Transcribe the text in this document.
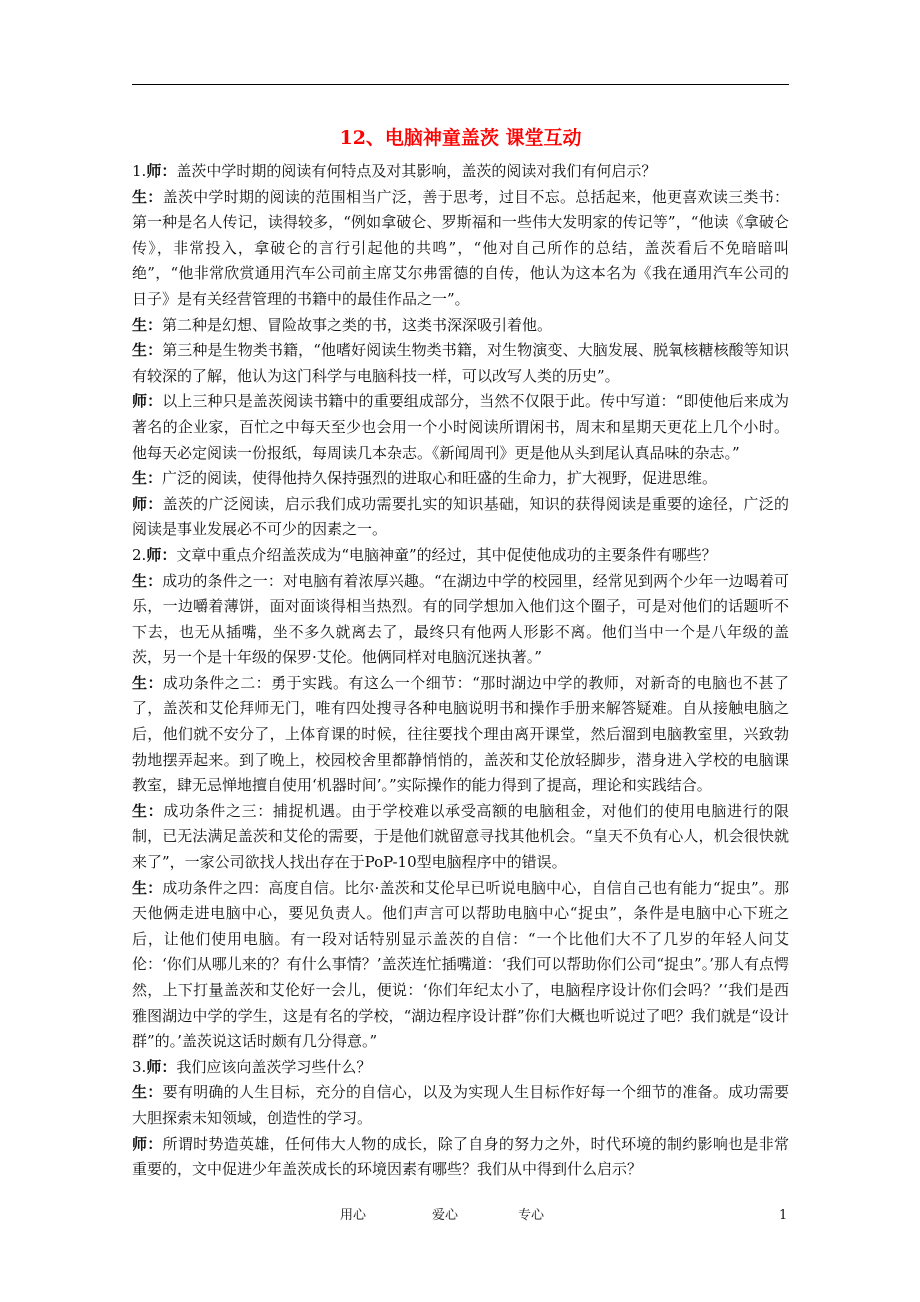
12、电脑神童盖茨 课堂互动

1.师：盖茨中学时期的阅读有何特点及对其影响，盖茨的阅读对我们有何启示？

生：盖茨中学时期的阅读的范围相当广泛，善于思考，过目不忘。总括起来，他更喜欢读三类书：第一种是名人传记，读得较多，“例如拿破仑、罗斯福和一些伟大发明家的传记等”，“他读《拿破仑传》，非常投入，拿破仑的言行引起他的共鸣”，“他对自己所作的总结，盖茨看后不免暗暗叫绝”，“他非常欣赏通用汽车公司前主席艾尔弗雷德的自传，他认为这本名为《我在通用汽车公司的日子》是有关经营管理的书籍中的最佳作品之一”。

生：第二种是幻想、冒险故事之类的书，这类书深深吸引着他。

生：第三种是生物类书籍，“他嗜好阅读生物类书籍，对生物演变、大脑发展、脱氧核糖核酸等知识有较深的了解，他认为这门科学与电脑科技一样，可以改写人类的历史”。

师：以上三种只是盖茨阅读书籍中的重要组成部分，当然不仅限于此。传中写道：“即使他后来成为著名的企业家，百忙之中每天至少也会用一个小时阅读所谓闲书，周末和星期天更花上几个小时。他每天必定阅读一份报纸，每周读几本杂志。《新闻周刊》更是他从头到尾认真品味的杂志。”

生：广泛的阅读，使得他持久保持强烈的进取心和旺盛的生命力，扩大视野，促进思维。

师：盖茨的广泛阅读，启示我们成功需要扎实的知识基础，知识的获得阅读是重要的途径，广泛的阅读是事业发展必不可少的因素之一。

2.师：文章中重点介绍盖茨成为“电脑神童”的经过，其中促使他成功的主要条件有哪些？

生：成功的条件之一：对电脑有着浓厚兴趣。“在湖边中学的校园里，经常见到两个少年一边喝着可乐，一边嚼着薄饼，面对面谈得相当热烈。有的同学想加入他们这个圈子，可是对他们的话题听不下去，也无从插嘴，坐不多久就离去了，最终只有他两人形影不离。他们当中一个是八年级的盖茨，另一个是十年级的保罗·艾伦。他俩同样对电脑沉迷执著。”

生：成功条件之二：勇于实践。有这么一个细节：“那时湖边中学的教师，对新奇的电脑也不甚了了，盖茨和艾伦拜师无门，唯有四处搜寻各种电脑说明书和操作手册来解答疑难。自从接触电脑之后，他们就不安分了，上体育课的时候，往往要找个理由离开课堂，然后溜到电脑教室里，兴致勃勃地摆弄起来。到了晚上，校园校舍里都静悄悄的，盖茨和艾伦放轻脚步，潜身进入学校的电脑课教室，肆无忌惮地擅自使用‘机器时间’。”实际操作的能力得到了提高，理论和实践结合。

生：成功条件之三：捕捉机遇。由于学校难以承受高额的电脑租金，对他们的使用电脑进行的限制，已无法满足盖茨和艾伦的需要，于是他们就留意寻找其他机会。“皇天不负有心人，机会很快就来了”，一家公司欲找人找出存在于PoP-10型电脑程序中的错误。

生：成功条件之四：高度自信。比尔·盖茨和艾伦早已听说电脑中心，自信自己也有能力“捉虫”。那天他俩走进电脑中心，要见负责人。他们声言可以帮助电脑中心“捉虫”，条件是电脑中心下班之后，让他们使用电脑。有一段对话特别显示盖茨的自信：“一个比他们大不了几岁的年轻人问艾伦：‘你们从哪儿来的？有什么事情？’盖茨连忙插嘴道：‘我们可以帮助你们公司“捉虫”。’那人有点愕然，上下打量盖茨和艾伦好一会儿，便说：‘你们年纪太小了，电脑程序设计你们会吗？’‘我们是西雅图湖边中学的学生，这是有名的学校，“湖边程序设计群”你们大概也听说过了吧？我们就是“设计群”的。’盖茨说这话时颇有几分得意。”

3.师：我们应该向盖茨学习些什么？

生：要有明确的人生目标，充分的自信心，以及为实现人生目标作好每一个细节的准备。成功需要大胆探索未知领域，创造性的学习。

师：所谓时势造英雄，任何伟大人物的成长，除了自身的努力之外，时代环境的制约影响也是非常重要的，文中促进少年盖茨成长的环境因素有哪些？我们从中得到什么启示？

用心	爱心	专心	1
